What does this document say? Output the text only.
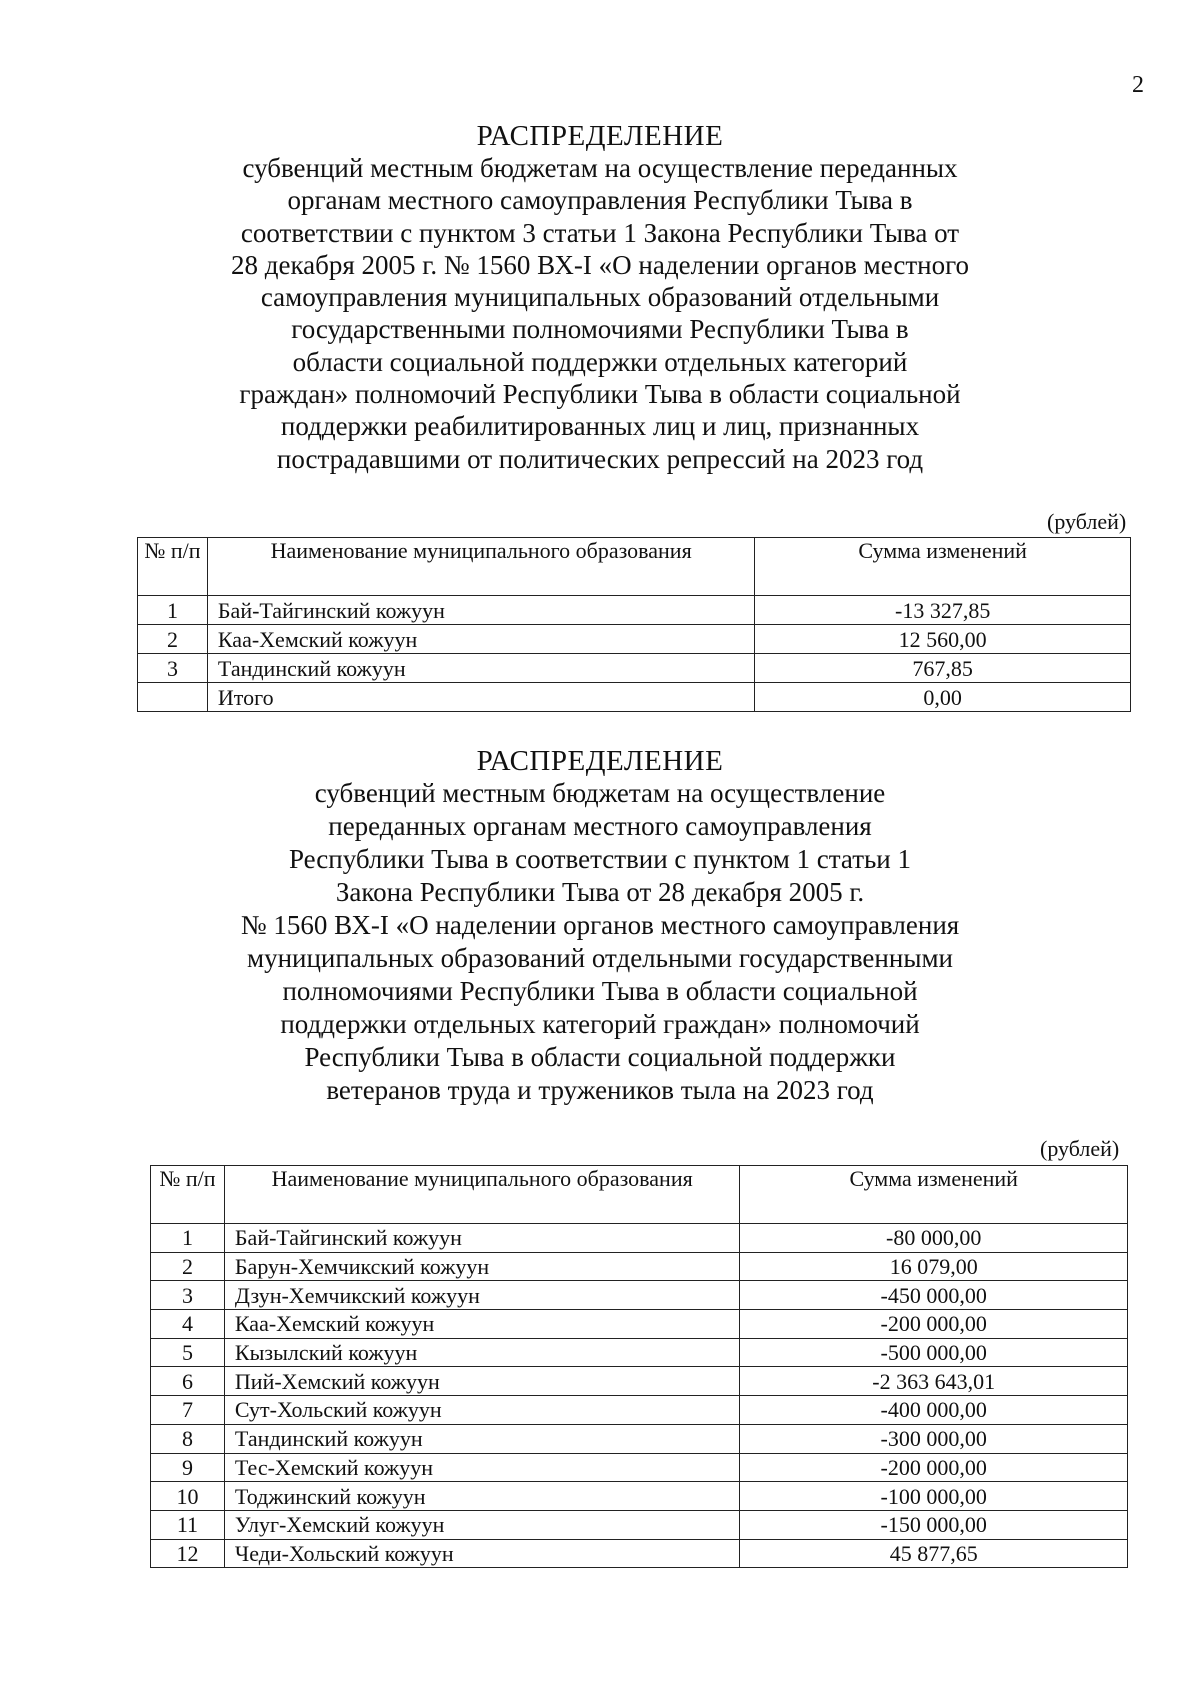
2
РАСПРЕДЕЛЕНИЕ
субвенций местным бюджетам на осуществление переданных
органам местного самоуправления Республики Тыва в
соответствии с пунктом 3 статьи 1 Закона Республики Тыва от
28 декабря 2005 г. № 1560 ВХ-I «О наделении органов местного
самоуправления муниципальных образований отдельными
государственными полномочиями Республики Тыва в
области социальной поддержки отдельных категорий
граждан» полномочий Республики Тыва в области социальной
поддержки реабилитированных лиц и лиц, признанных
пострадавшими от политических репрессий на 2023 год
(рублей)
№ п/п	Наименование муниципального образования	Сумма изменений
1	Бай-Тайгинский кожуун	-13 327,85
2	Каа-Хемский кожуун	12 560,00
3	Тандинский кожуун	767,85
	Итого	0,00
РАСПРЕДЕЛЕНИЕ
субвенций местным бюджетам на осуществление
переданных органам местного самоуправления
Республики Тыва в соответствии с пунктом 1 статьи 1
Закона Республики Тыва от 28 декабря 2005 г.
№ 1560 ВХ-I «О наделении органов местного самоуправления
муниципальных образований отдельными государственными
полномочиями Республики Тыва в области социальной
поддержки отдельных категорий граждан» полномочий
Республики Тыва в области социальной поддержки
ветеранов труда и тружеников тыла на 2023 год
(рублей)
№ п/п	Наименование муниципального образования	Сумма изменений
1	Бай-Тайгинский кожуун	-80 000,00
2	Барун-Хемчикский кожуун	16 079,00
3	Дзун-Хемчикский кожуун	-450 000,00
4	Каа-Хемский кожуун	-200 000,00
5	Кызылский кожуун	-500 000,00
6	Пий-Хемский кожуун	-2 363 643,01
7	Сут-Хольский кожуун	-400 000,00
8	Тандинский кожуун	-300 000,00
9	Тес-Хемский кожуун	-200 000,00
10	Тоджинский кожуун	-100 000,00
11	Улуг-Хемский кожуун	-150 000,00
12	Чеди-Хольский кожуун	45 877,65
